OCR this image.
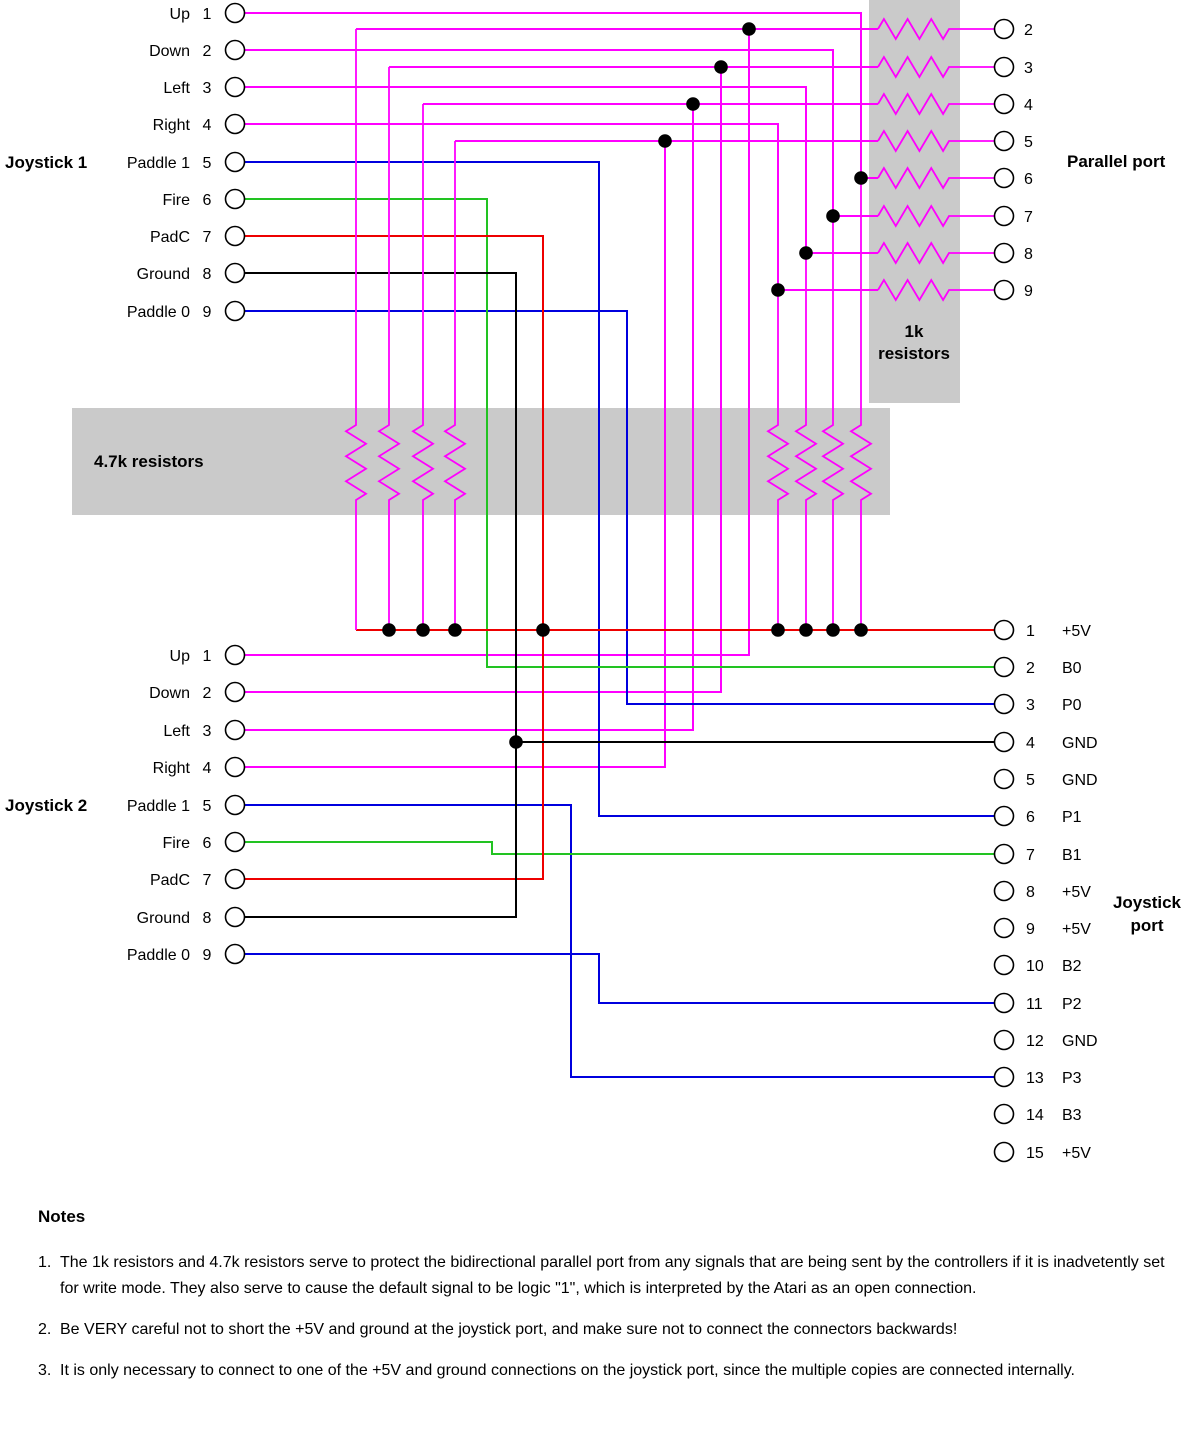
1
Up
2
Down
3
Left
4
Right
5
Paddle 1
6
Fire
7
PadC
8
Ground
9
Paddle 0
1
Up
2
Down
3
Left
4
Right
5
Paddle 1
6
Fire
7
PadC
8
Ground
9
Paddle 0
2
3
4
5
6
7
8
9
1 +5V
2 B0
3 P0
4 GND
5 GND
6 P1
7 B1
8 +5V
9 +5V
10 B2
11 P2
12 GND
13 P3
14 B3
15 +5V
Joystick 1
Joystick 2
Parallel port
Joystick
port
1k
resistors
4.7k resistors
Notes
1. The 1k resistors and 4.7k resistors serve to protect the bidirectional parallel port from any signals that are being sent by the controllers if it is inadvetently set for write mode. They also serve to cause the default signal to be logic "1", which is interpreted by the Atari as an open connection.
2. Be VERY careful not to short the +5V and ground at the joystick port, and make sure not to connect the connectors backwards!
3. It is only necessary to connect to one of the +5V and ground connections on the joystick port, since the multiple copies are connected internally.
